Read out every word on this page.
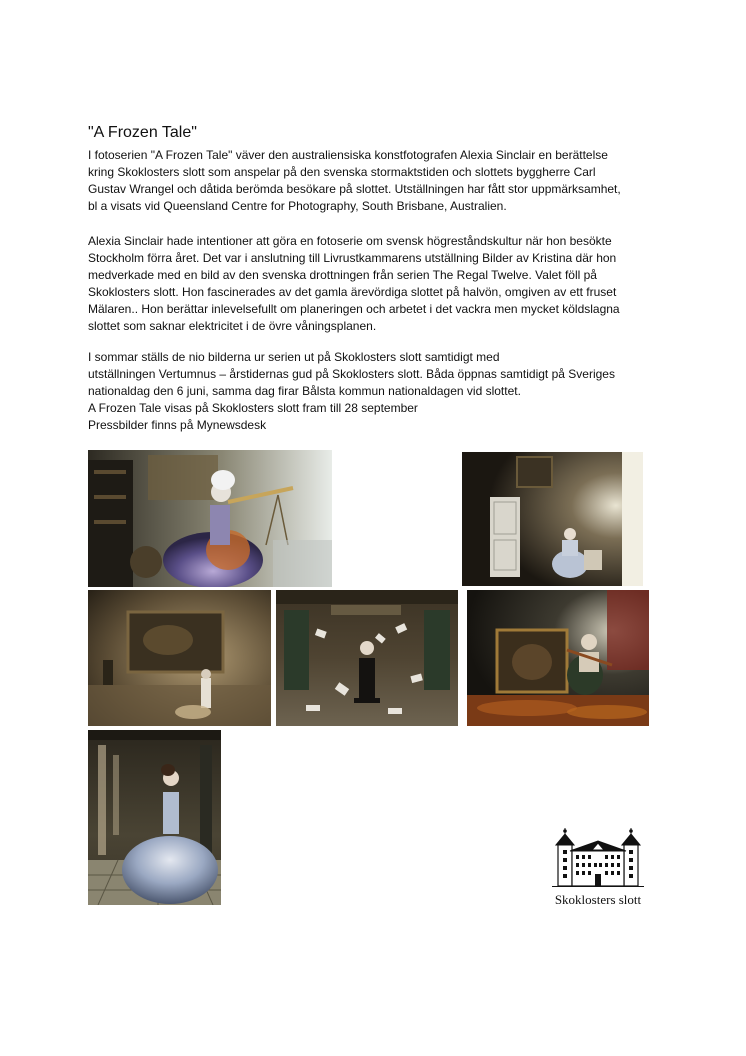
"A Frozen Tale"
I fotoserien "A Frozen Tale" väver den australiensiska konstfotografen Alexia Sinclair en berättelse
kring Skoklosters slott som anspelar på den svenska stormaktstiden och slottets byggherre Carl
Gustav Wrangel och dåtida berömda besökare på slottet. Utställningen har fått stor uppmärksamhet,
bl a visats vid Queensland Centre for Photography, South Brisbane, Australien.
Alexia Sinclair hade intentioner att göra en fotoserie om svensk högreståndskultur när hon besökte
Stockholm förra året. Det var i anslutning till Livrustkammarens utställning Bilder av Kristina där hon
medverkade med en bild av den svenska drottningen från serien The Regal Twelve. Valet föll på
Skoklosters slott. Hon fascinerades av det gamla ärevördiga slottet på halvön, omgiven av ett fruset
Mälaren.. Hon berättar inlevelsefullt om planeringen och arbetet i det vackra men mycket köldslagna
slottet som saknar elektricitet i de övre våningsplanen.
I sommar ställs de nio bilderna ur serien ut på Skoklosters slott samtidigt med
utställningen Vertumnus – årstidernas gud på Skoklosters slott. Båda öppnas samtidigt på Sveriges
nationaldag den 6 juni, samma dag firar Bålsta kommun nationaldagen vid slottet.
A Frozen Tale visas på Skoklosters slott fram till 28 september
Pressbilder finns på Mynewsdesk
Skoklosters slott
